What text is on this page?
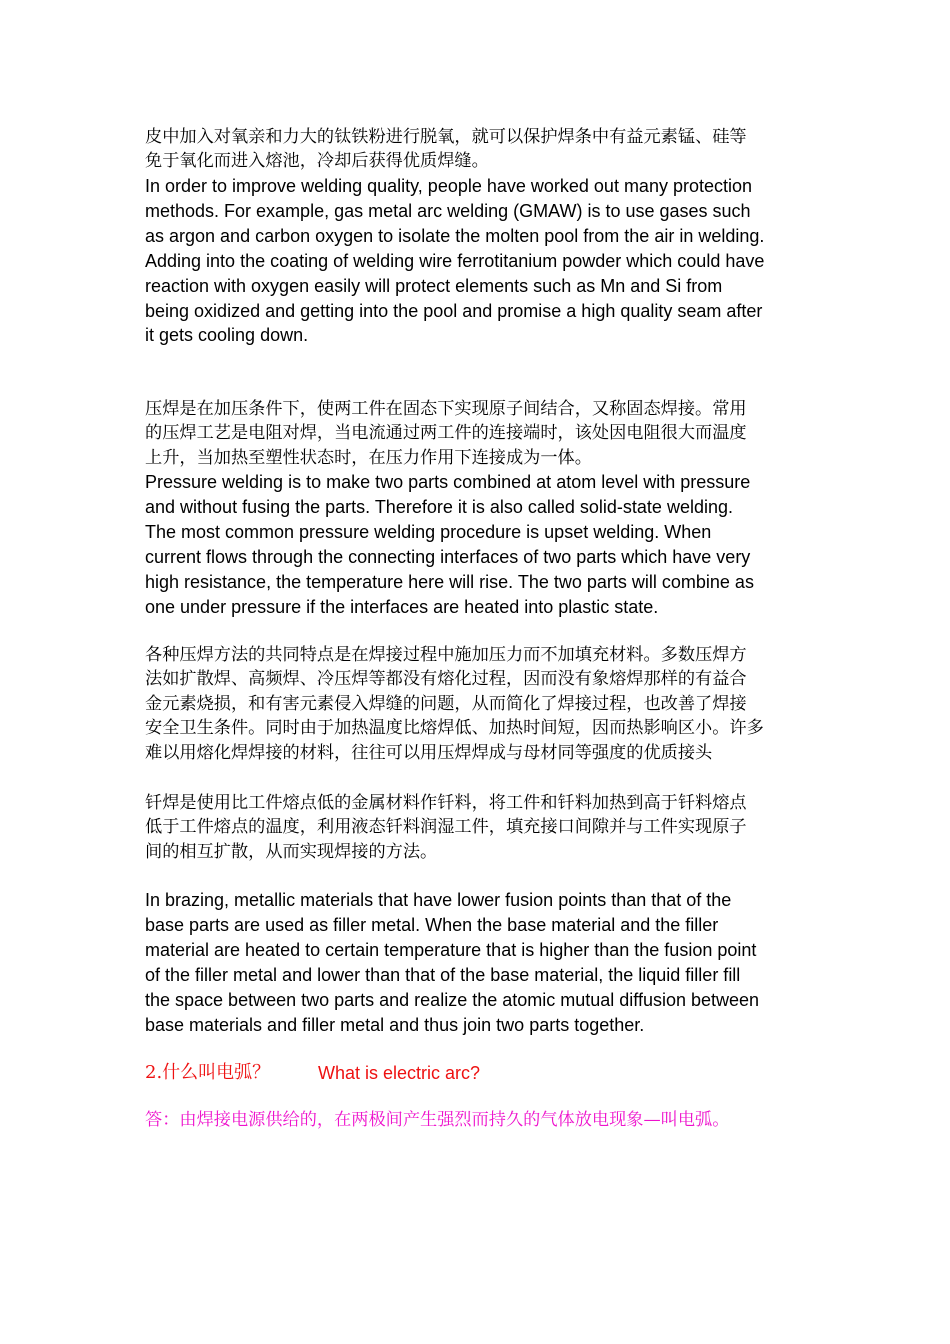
皮中加入对氧亲和力大的钛铁粉进行脱氧，就可以保护焊条中有益元素锰、硅等
免于氧化而进入熔池，冷却后获得优质焊缝。
In order to improve welding quality, people have worked out many protection
methods. For example, gas metal arc welding (GMAW) is to use gases such
as argon and carbon oxygen to isolate the molten pool from the air in welding.
Adding into the coating of welding wire ferrotitanium powder which could have
reaction with oxygen easily will protect elements such as Mn and Si from
being oxidized and getting into the pool and promise a high quality seam after
it gets cooling down.
压焊是在加压条件下，使两工件在固态下实现原子间结合，又称固态焊接。常用
的压焊工艺是电阻对焊，当电流通过两工件的连接端时，该处因电阻很大而温度
上升，当加热至塑性状态时，在压力作用下连接成为一体。
Pressure welding is to make two parts combined at atom level with pressure
and without fusing the parts. Therefore it is also called solid-state welding.
The most common pressure welding procedure is upset welding. When
current flows through the connecting interfaces of two parts which have very
high resistance, the temperature here will rise. The two parts will combine as
one under pressure if the interfaces are heated into plastic state.
各种压焊方法的共同特点是在焊接过程中施加压力而不加填充材料。多数压焊方
法如扩散焊、高频焊、冷压焊等都没有熔化过程，因而没有象熔焊那样的有益合
金元素烧损，和有害元素侵入焊缝的问题，从而简化了焊接过程，也改善了焊接
安全卫生条件。同时由于加热温度比熔焊低、加热时间短，因而热影响区小。许多
难以用熔化焊焊接的材料，往往可以用压焊焊成与母材同等强度的优质接头
钎焊是使用比工件熔点低的金属材料作钎料，将工件和钎料加热到高于钎料熔点
低于工件熔点的温度，利用液态钎料润湿工件，填充接口间隙并与工件实现原子
间的相互扩散，从而实现焊接的方法。
In brazing, metallic materials that have lower fusion points than that of the
base parts are used as filler metal. When the base material and the filler
material are heated to certain temperature that is higher than the fusion point
of the filler metal and lower than that of the base material, the liquid filler fill
the space between two parts and realize the atomic mutual diffusion between
base materials and filler metal and thus join two parts together.
2.什么叫电弧？	What is electric arc?
答：由焊接电源供给的，在两极间产生强烈而持久的气体放电现象—叫电弧。
